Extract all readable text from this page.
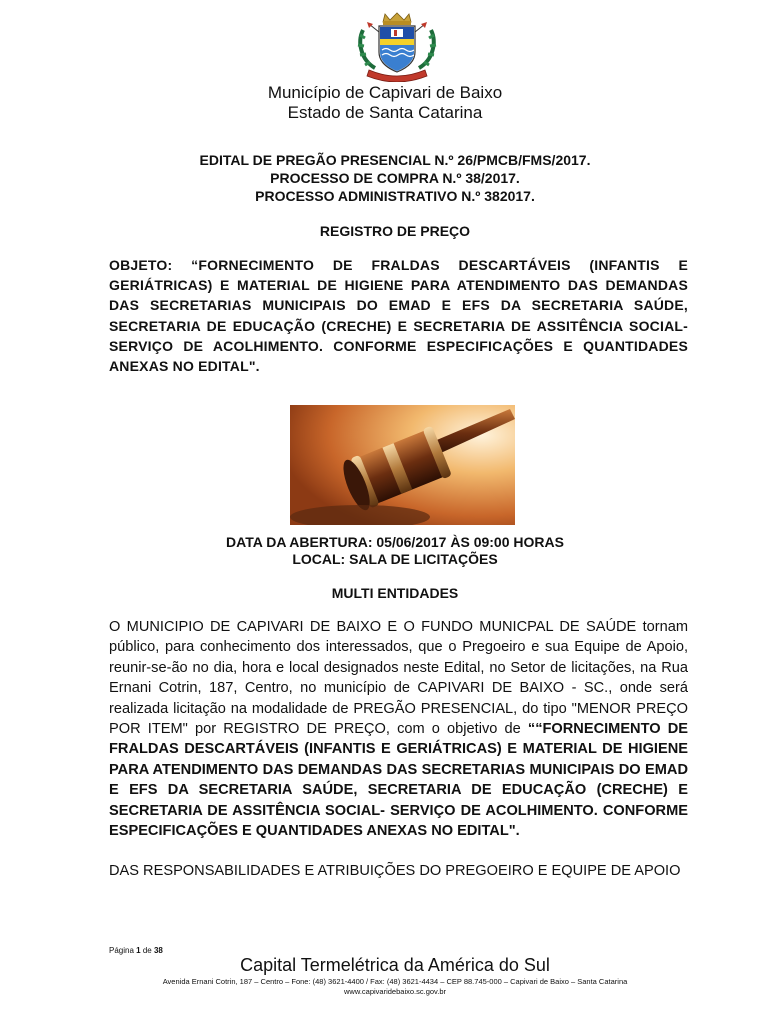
Município de Capivari de Baixo
Estado de Santa Catarina
EDITAL DE PREGÃO PRESENCIAL N.º 26/PMCB/FMS/2017.
PROCESSO DE COMPRA N.º 38/2017.
PROCESSO ADMINISTRATIVO N.º 382017.
REGISTRO DE PREÇO
OBJETO: “FORNECIMENTO DE FRALDAS DESCARTÁVEIS (INFANTIS E GERIÁTRICAS) E MATERIAL DE HIGIENE PARA ATENDIMENTO DAS DEMANDAS DAS SECRETARIAS MUNICIPAIS DO EMAD E EFS DA SECRETARIA SAÚDE, SECRETARIA DE EDUCAÇÃO (CRECHE) E SECRETARIA DE ASSITÊNCIA SOCIAL- SERVIÇO DE ACOLHIMENTO. CONFORME ESPECIFICAÇÕES E QUANTIDADES ANEXAS NO EDITAL".
DATA DA ABERTURA: 05/06/2017 ÀS 09:00 HORAS
LOCAL: SALA DE LICITAÇÕES
MULTI ENTIDADES
O MUNICIPIO DE CAPIVARI DE BAIXO E O FUNDO MUNICPAL DE SAÚDE tornam público, para conhecimento dos interessados, que o Pregoeiro e sua Equipe de Apoio, reunir-se-ão no dia, hora e local designados neste Edital, no Setor de licitações, na Rua Ernani Cotrin, 187, Centro, no município de CAPIVARI DE BAIXO - SC., onde será realizada licitação na modalidade de PREGÃO PRESENCIAL, do tipo "MENOR PREÇO POR ITEM" por REGISTRO DE PREÇO, com o objetivo de ““FORNECIMENTO DE FRALDAS DESCARTÁVEIS (INFANTIS E GERIÁTRICAS) E MATERIAL DE HIGIENE PARA ATENDIMENTO DAS DEMANDAS DAS SECRETARIAS MUNICIPAIS DO EMAD E EFS DA SECRETARIA SAÚDE, SECRETARIA DE EDUCAÇÃO (CRECHE) E SECRETARIA DE ASSITÊNCIA SOCIAL- SERVIÇO DE ACOLHIMENTO. CONFORME ESPECIFICAÇÕES E QUANTIDADES ANEXAS NO EDITAL".
DAS RESPONSABILIDADES E ATRIBUIÇÕES DO PREGOEIRO E EQUIPE DE APOIO
Página 1 de 38
Capital Termelétrica da América do Sul
Avenida Ernani Cotrin, 187 – Centro – Fone: (48) 3621-4400 / Fax: (48) 3621-4434 – CEP 88.745-000 – Capivari de Baixo – Santa Catarina
www.capivaridebaixo.sc.gov.br
